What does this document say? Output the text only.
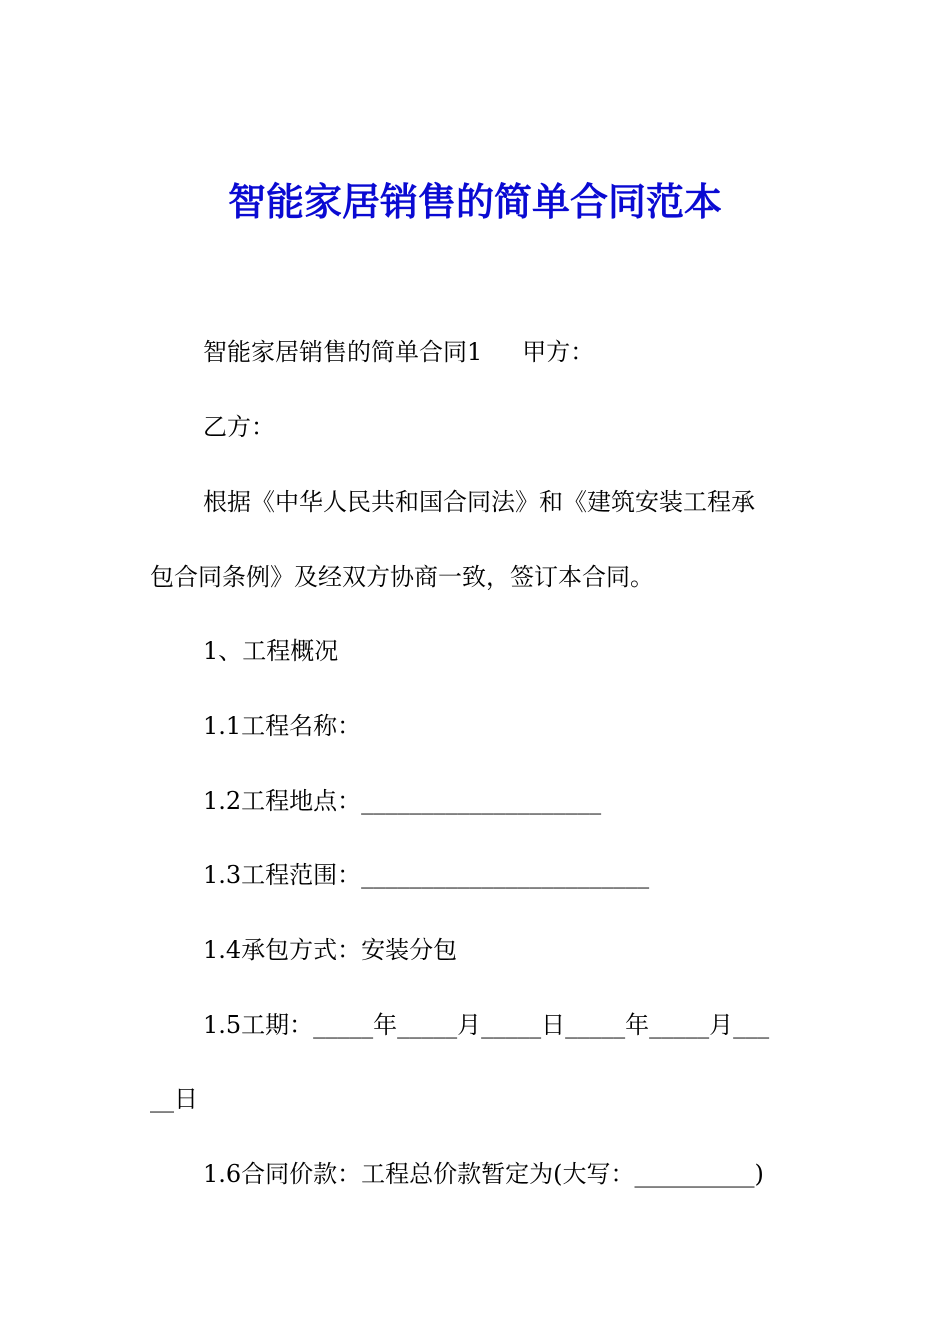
智能家居销售的简单合同范本
智能家居销售的简单合同1 甲方：
乙方：
根据《中华人民共和国合同法》和《建筑安装工程承
包合同条例》及经双方协商一致，签订本合同。
1、工程概况
1.1工程名称：
1.2工程地点：____________________
1.3工程范围：________________________
1.4承包方式：安装分包
1.5工期：_____年_____月_____日_____年_____月___
__日
1.6合同价款：工程总价款暂定为(大写：__________)
